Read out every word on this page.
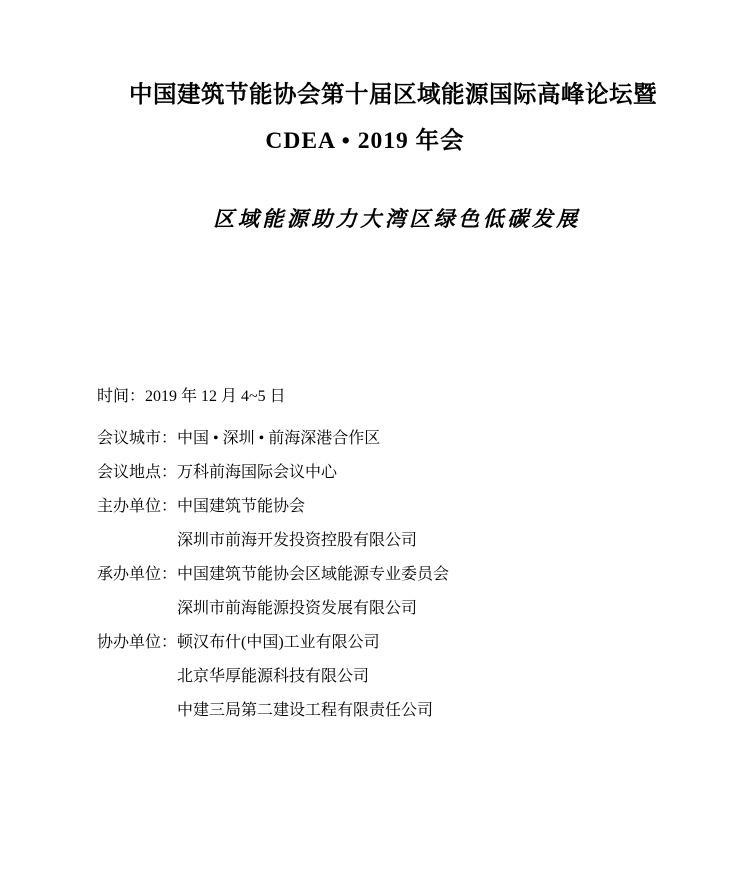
中国建筑节能协会第十届区域能源国际高峰论坛暨
CDEA • 2019 年会
区域能源助力大湾区绿色低碳发展
时间： 2019 年 12 月 4~5 日
会议城市： 中国 • 深圳 • 前海深港合作区
会议地点： 万科前海国际会议中心
主办单位： 中国建筑节能协会
深圳市前海开发投资控股有限公司
承办单位： 中国建筑节能协会区域能源专业委员会
深圳市前海能源投资发展有限公司
协办单位： 顿汉布什(中国)工业有限公司
北京华厚能源科技有限公司
中建三局第二建设工程有限责任公司
